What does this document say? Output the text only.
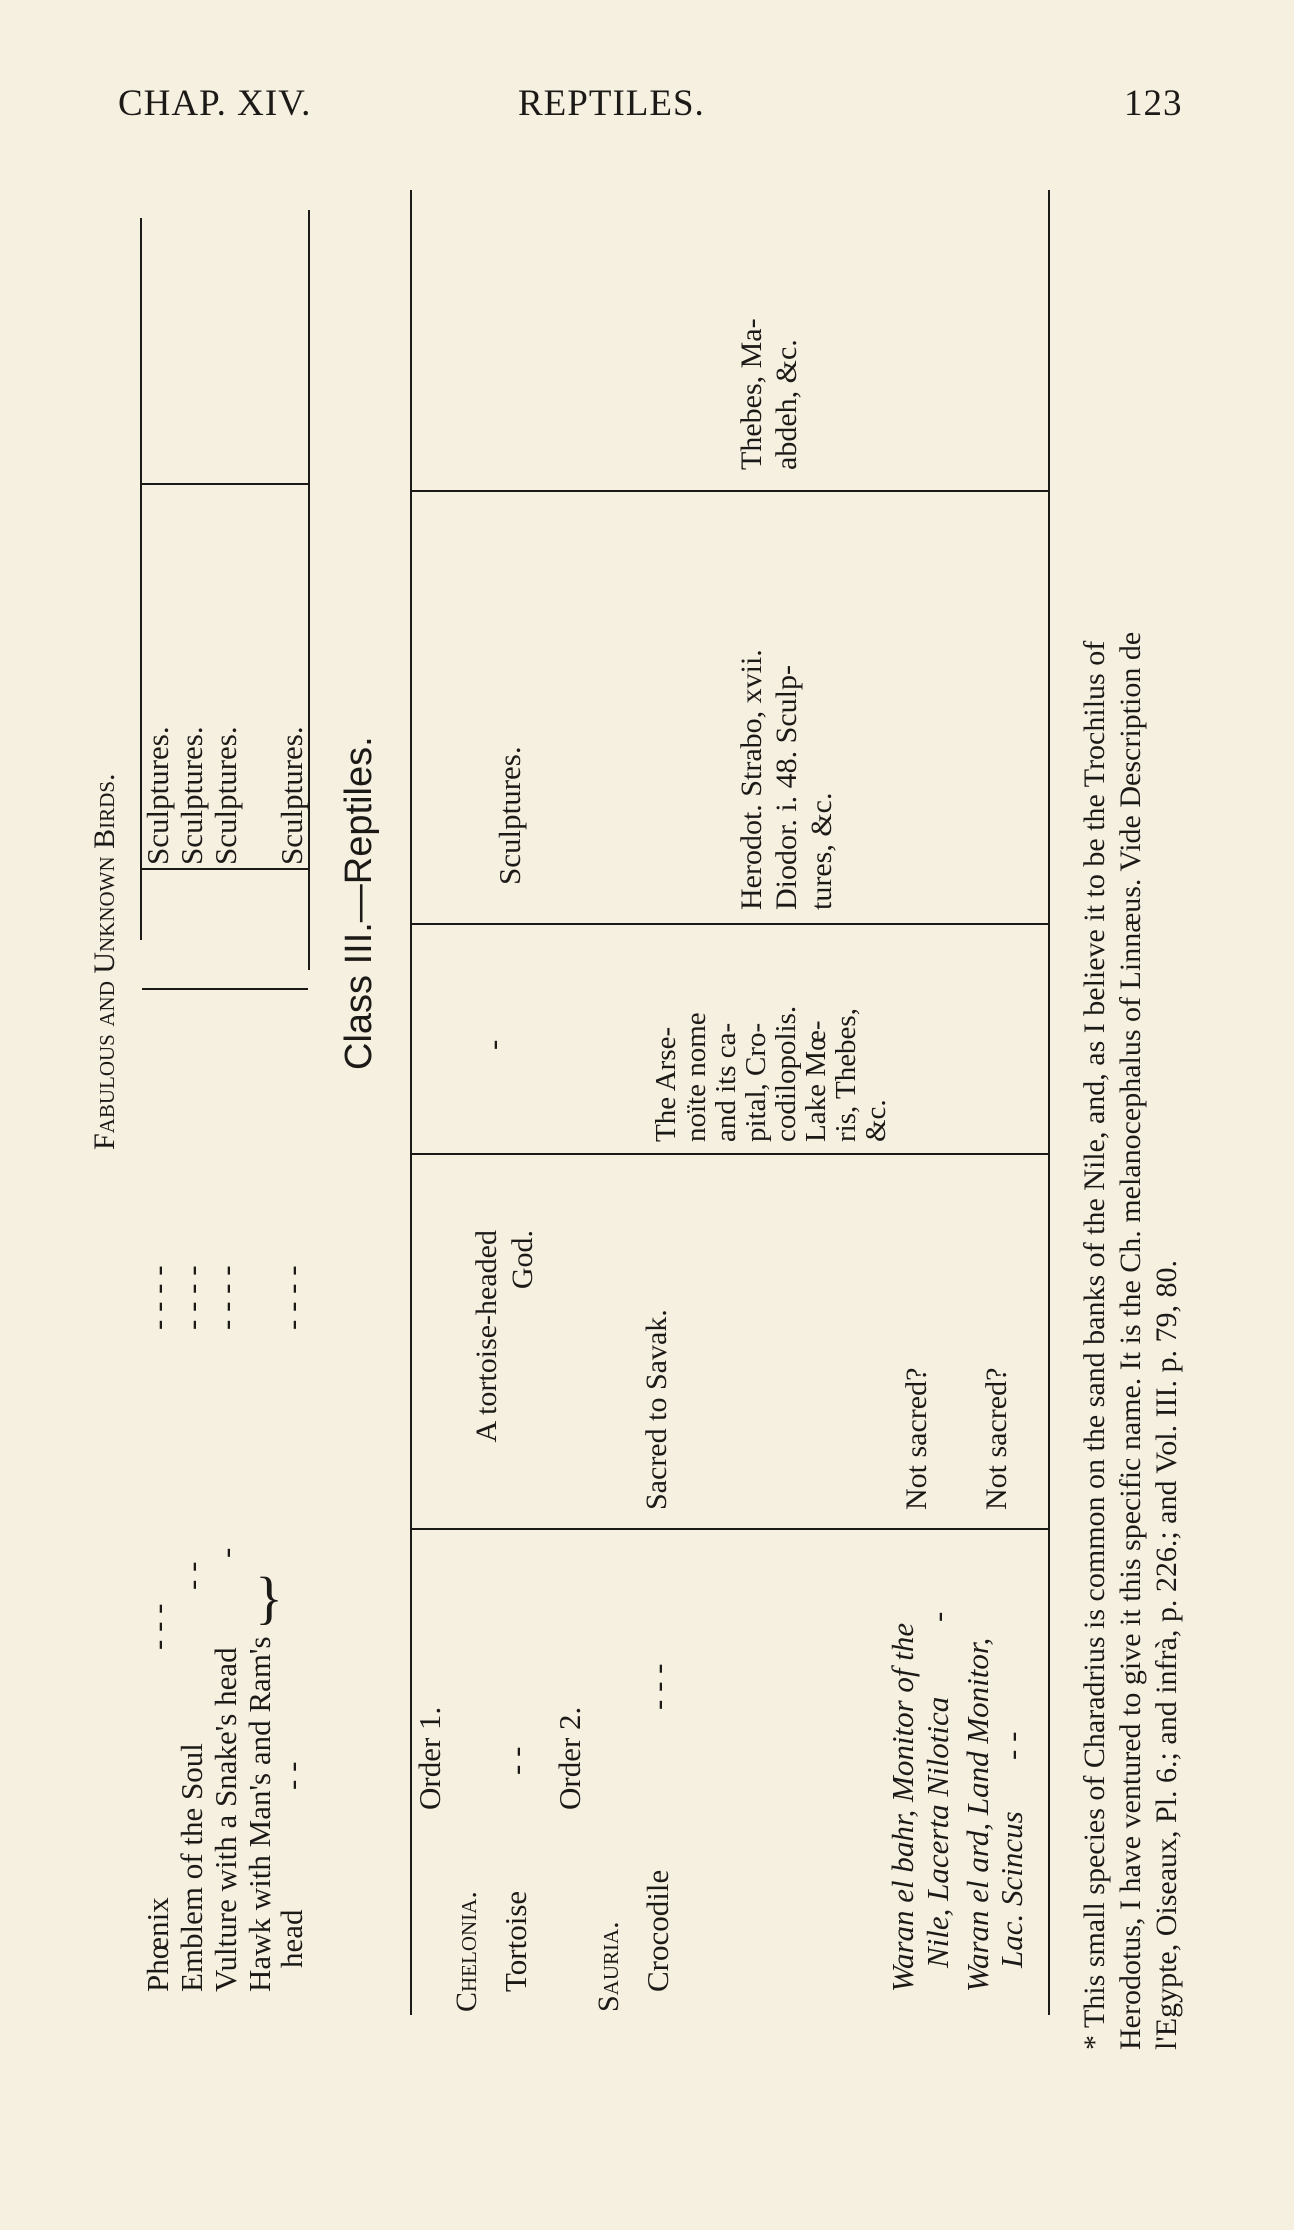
CHAP. XIV.	REPTILES.	123
Fabulous and Unknown Birds.
Phœnix
- - -
Emblem of the Soul
- -
Vulture with a Snake's head
-
Hawk with Man's and Ram's
head
- -
}
- - - - - - - - - - - - - - - -
Sculptures. Sculptures. Sculptures. Sculptures. Class III.—Reptiles.
Order 1.
Chelonia. Tortoise
- -
A tortoise-headed God.
-
Sculptures.
Order 2.
Sauria. Crocodile
- - -
Sacred to Savak.
The Arse-
noïte nome
and its ca-
pital, Cro-
codilopolis.
Lake Mœ-
ris, Thebes,
&c.
Herodot. Strabo, xvii. Diodor. i. 48. Sculp- tures, &c.
Thebes, Ma- abdeh, &c.
Waran el bahr, Monitor of the Nile, Lacerta Nilotica
-
Not sacred?
Waran el ard, Land Monitor, Lac. Scincus
- -
Not sacred? * This small species of Charadrius is common on the sand banks of the Nile, and, as I believe it to be the Trochilus of Herodotus, I have ventured to give it this specific name. It is the Ch. melanocephalus of Linnæus. Vide Description de l'Egypte, Oiseaux, Pl. 6.; and infrà, p. 226.; and Vol. III. p. 79, 80.
